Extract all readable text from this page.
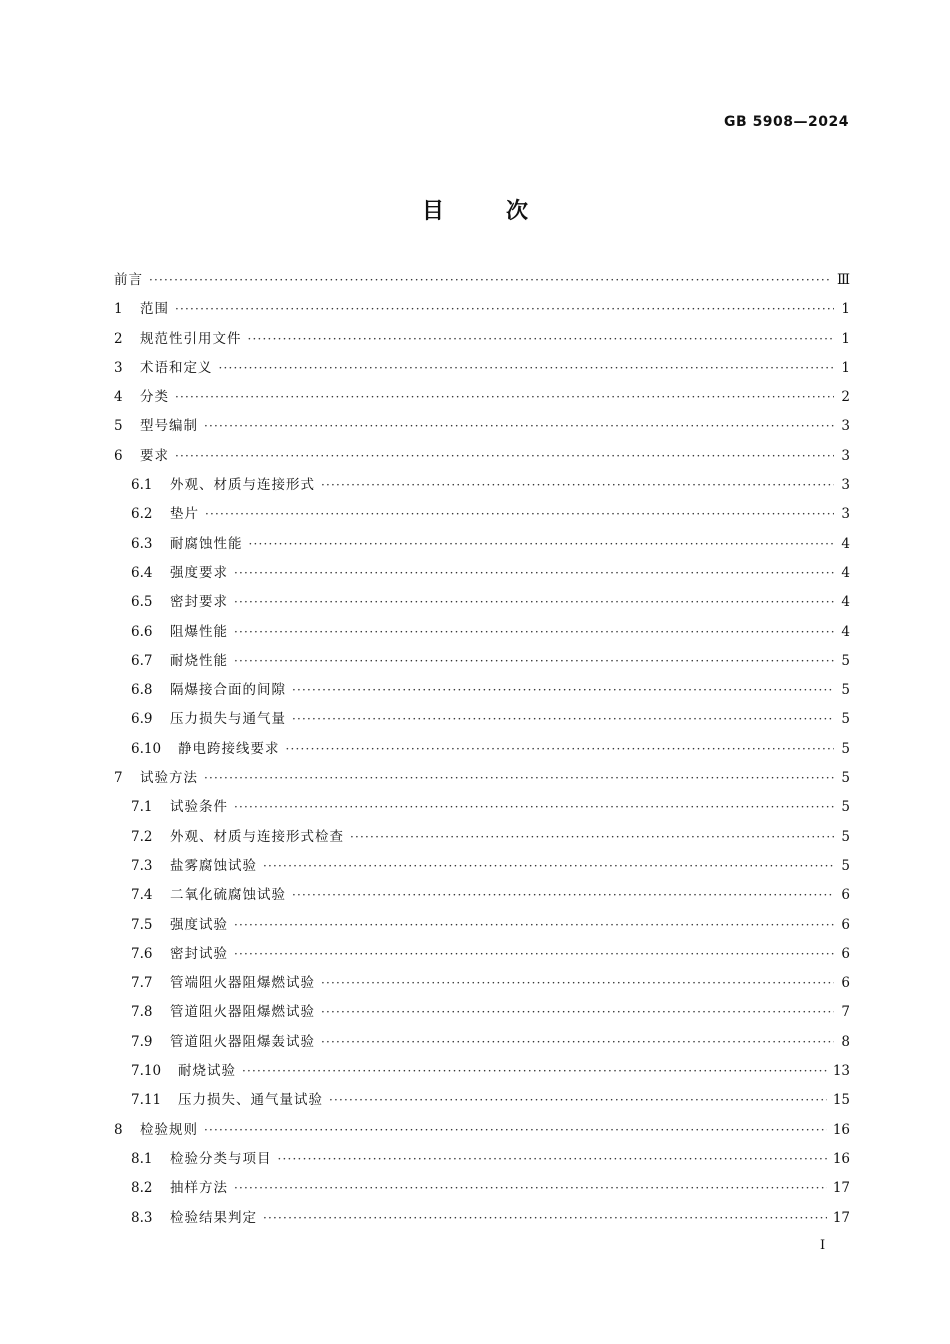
GB 5908—2024
目次
前言 ·····	Ⅲ
1	范围 ·····	1
2	规范性引用文件 ·····	1
3	术语和定义 ·····	1
4	分类 ·····	2
5	型号编制 ·····	3
6	要求 ·····	3
6.1	外观、材质与连接形式 ·····	3
6.2	垫片 ·····	3
6.3	耐腐蚀性能 ·····	4
6.4	强度要求 ·····	4
6.5	密封要求 ·····	4
6.6	阻爆性能 ·····	4
6.7	耐烧性能 ·····	5
6.8	隔爆接合面的间隙 ·····	5
6.9	压力损失与通气量 ·····	5
6.10	静电跨接线要求 ·····	5
7	试验方法 ·····	5
7.1	试验条件 ·····	5
7.2	外观、材质与连接形式检查 ·····	5
7.3	盐雾腐蚀试验 ·····	5
7.4	二氧化硫腐蚀试验 ·····	6
7.5	强度试验 ·····	6
7.6	密封试验 ·····	6
7.7	管端阻火器阻爆燃试验 ·····	6
7.8	管道阻火器阻爆燃试验 ·····	7
7.9	管道阻火器阻爆轰试验 ·····	8
7.10	耐烧试验 ·····	13
7.11	压力损失、通气量试验 ·····	15
8	检验规则 ·····	16
8.1	检验分类与项目 ·····	16
8.2	抽样方法 ·····	17
8.3	检验结果判定 ·····	17
I
